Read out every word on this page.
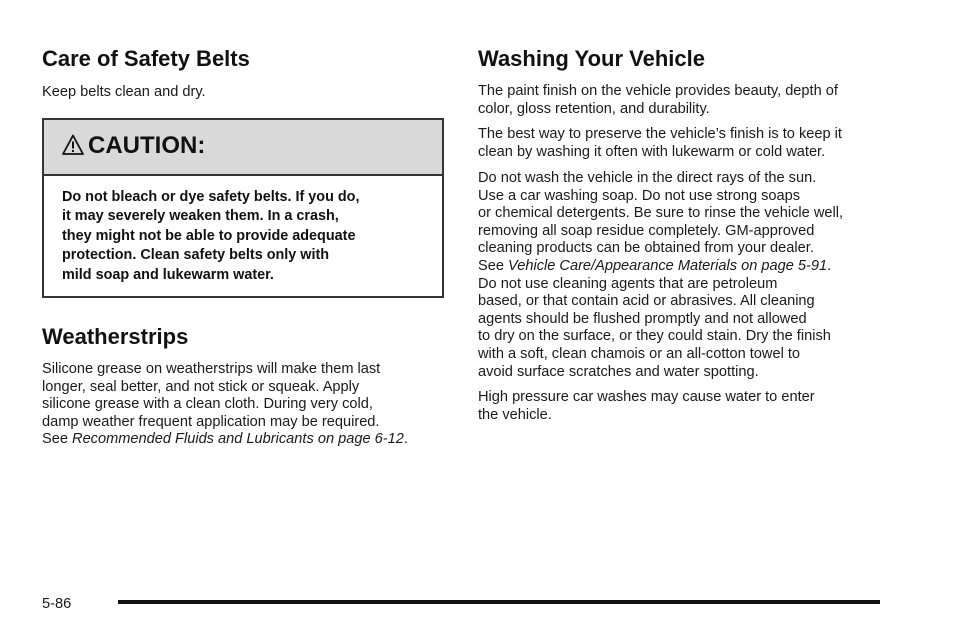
Care of Safety Belts

Keep belts clean and dry.

CAUTION:
Do not bleach or dye safety belts. If you do,
it may severely weaken them. In a crash,
they might not be able to provide adequate
protection. Clean safety belts only with
mild soap and lukewarm water.
Weatherstrips

Silicone grease on weatherstrips will make them last
longer, seal better, and not stick or squeak. Apply
silicone grease with a clean cloth. During very cold,
damp weather frequent application may be required.
See Recommended Fluids and Lubricants on page 6-12.

Washing Your Vehicle

The paint finish on the vehicle provides beauty, depth of
color, gloss retention, and durability.

The best way to preserve the vehicle’s finish is to keep it
clean by washing it often with lukewarm or cold water.

Do not wash the vehicle in the direct rays of the sun.
Use a car washing soap. Do not use strong soaps
or chemical detergents. Be sure to rinse the vehicle well,
removing all soap residue completely. GM-approved
cleaning products can be obtained from your dealer.
See Vehicle Care/Appearance Materials on page 5-91.
Do not use cleaning agents that are petroleum
based, or that contain acid or abrasives. All cleaning
agents should be flushed promptly and not allowed
to dry on the surface, or they could stain. Dry the finish
with a soft, clean chamois or an all-cotton towel to
avoid surface scratches and water spotting.

High pressure car washes may cause water to enter
the vehicle.

5-86
